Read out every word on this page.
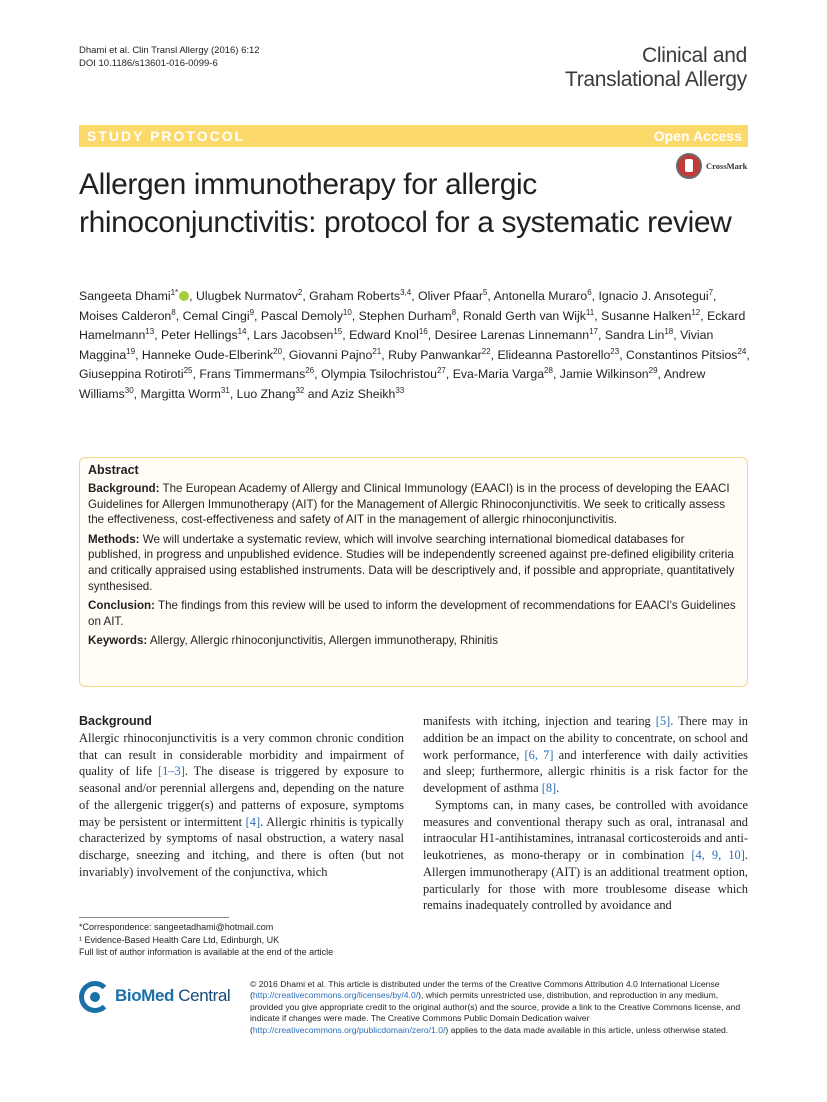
Dhami et al. Clin Transl Allergy (2016) 6:12
DOI 10.1186/s13601-016-0099-6	Clinical and
Translational Allergy
STUDY PROTOCOL	Open Access
CrossMark
Allergen immunotherapy for allergic rhinoconjunctivitis: protocol for a systematic review
Sangeeta Dhami$^{1*}$ , Ulugbek Nurmatov$^2$, Graham Roberts$^{3,4}$, Oliver Pfaar$^5$, Antonella Muraro$^6$, Ignacio J. Ansotegui$^7$, Moises Calderon$^8$, Cemal Cingi$^9$, Pascal Demoly$^{10}$, Stephen Durham$^8$, Ronald Gerth van Wijk$^{11}$, Susanne Halken$^{12}$, Eckard Hamelmann$^{13}$, Peter Hellings$^{14}$, Lars Jacobsen$^{15}$, Edward Knol$^{16}$, Desiree Larenas Linnemann$^{17}$, Sandra Lin$^{18}$, Vivian Maggina$^{19}$, Hanneke Oude-Elberink$^{20}$, Giovanni Pajno$^{21}$, Ruby Panwankar$^{22}$, Elideanna Pastorello$^{23}$, Constantinos Pitsios$^{24}$, Giuseppina Rotiroti$^{25}$, Frans Timmermans$^{26}$, Olympia Tsilochristou$^{27}$, Eva-Maria Varga$^{28}$, Jamie Wilkinson$^{29}$, Andrew Williams$^{30}$, Margitta Worm$^{31}$, Luo Zhang$^{32}$ and Aziz Sheikh$^{33}$
Abstract

Background: The European Academy of Allergy and Clinical Immunology (EAACI) is in the process of developing the EAACI Guidelines for Allergen Immunotherapy (AIT) for the Management of Allergic Rhinoconjunctivitis. We seek to critically assess the effectiveness, cost-effectiveness and safety of AIT in the management of allergic rhinoconjunctivitis.

Methods: We will undertake a systematic review, which will involve searching international biomedical databases for published, in progress and unpublished evidence. Studies will be independently screened against pre-defined eligibility criteria and critically appraised using established instruments. Data will be descriptively and, if possible and appropriate, quantitatively synthesised.

Conclusion: The findings from this review will be used to inform the development of recommendations for EAACI's Guidelines on AIT.

Keywords: Allergy, Allergic rhinoconjunctivitis, Allergen immunotherapy, Rhinitis

Background

Allergic rhinoconjunctivitis is a very common chronic condition that can result in considerable morbidity and impairment of quality of life [1–3]. The disease is triggered by exposure to seasonal and/or perennial allergens and, depending on the nature of the allergenic trigger(s) and patterns of exposure, symptoms may be persistent or intermittent [4]. Allergic rhinitis is typically characterized by symptoms of nasal obstruction, a watery nasal discharge, sneezing and itching, and there is often (but not invariably) involvement of the conjunctiva, which

manifests with itching, injection and tearing [5]. There may in addition be an impact on the ability to concentrate, on school and work performance, [6, 7] and interference with daily activities and sleep; furthermore, allergic rhinitis is a risk factor for the development of asthma [8].

Symptoms can, in many cases, be controlled with avoidance measures and conventional therapy such as oral, intranasal and intraocular H1-antihistamines, intranasal corticosteroids and anti-leukotrienes, as mono-therapy or in combination [4, 9, 10]. Allergen immunotherapy (AIT) is an additional treatment option, particularly for those with more troublesome disease which remains inadequately controlled by avoidance and

*Correspondence: sangeetadhami@hotmail.com
¹ Evidence-Based Health Care Ltd, Edinburgh, UK
Full list of author information is available at the end of the article
BioMed Central
© 2016 Dhami et al. This article is distributed under the terms of the Creative Commons Attribution 4.0 International License (http://creativecommons.org/licenses/by/4.0/), which permits unrestricted use, distribution, and reproduction in any medium, provided you give appropriate credit to the original author(s) and the source, provide a link to the Creative Commons license, and indicate if changes were made. The Creative Commons Public Domain Dedication waiver (http://creativecommons.org/publicdomain/zero/1.0/) applies to the data made available in this article, unless otherwise stated.
